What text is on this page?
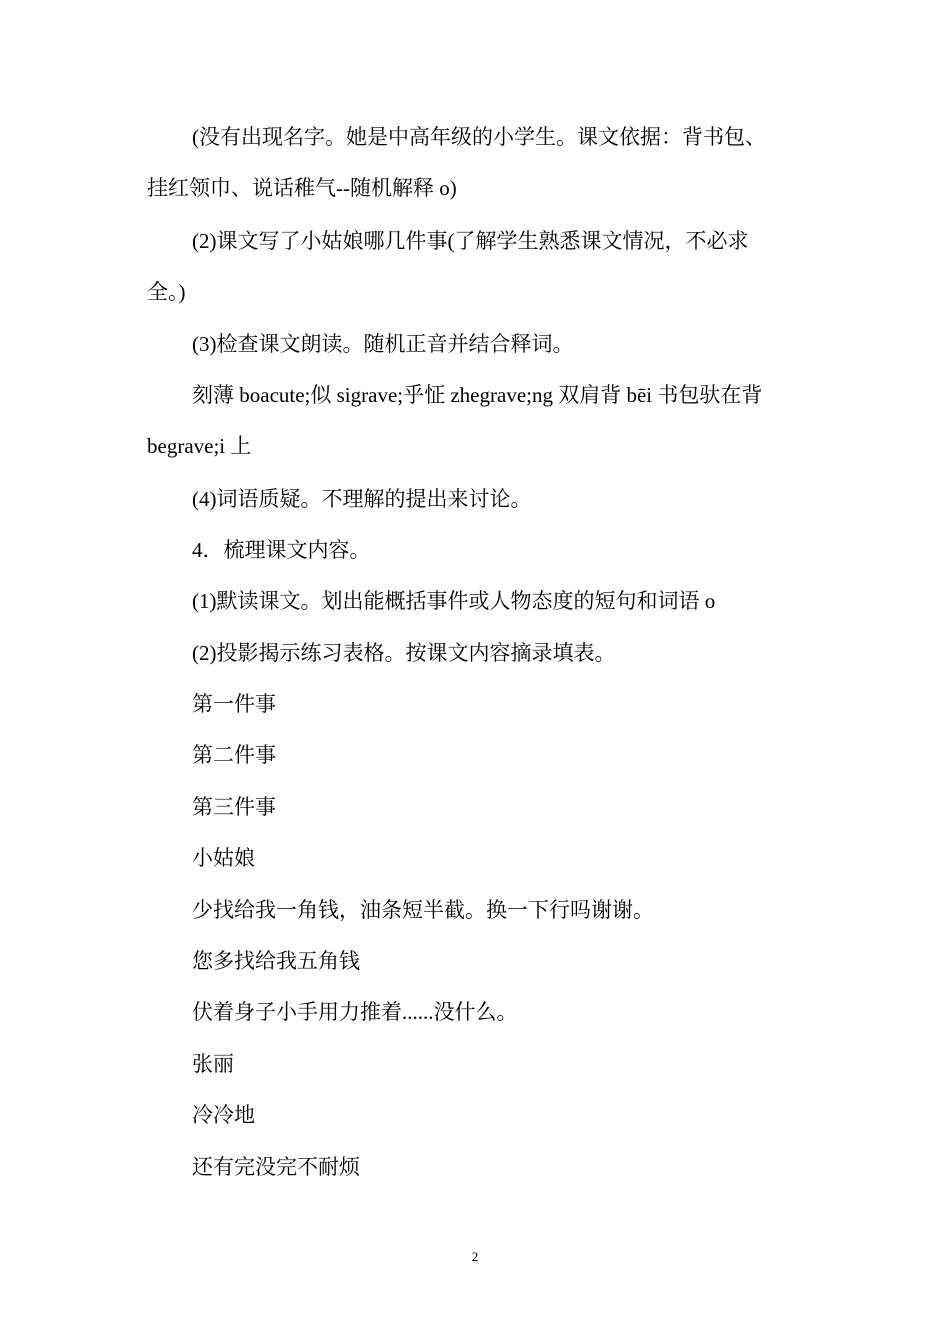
(没有出现名字。她是中高年级的小学生。课文依据：背书包、
挂红领巾、说话稚气--随机解释 o)
(2)课文写了小姑娘哪几件事(了解学生熟悉课文情况，不必求
全。)
(3)检查课文朗读。随机正音并结合释词。
刻薄 boacute;似 sigrave;乎怔 zhegrave;ng 双肩背 bēi 书包驮在背
begrave;i 上
(4)词语质疑。不理解的提出来讨论。
4．梳理课文内容。
(1)默读课文。划出能概括事件或人物态度的短句和词语 o
(2)投影揭示练习表格。按课文内容摘录填表。
第一件事
第二件事
第三件事
小姑娘
少找给我一角钱，油条短半截。换一下行吗谢谢。
您多找给我五角钱
伏着身子小手用力推着......没什么。
张丽
冷冷地
还有完没完不耐烦
2
